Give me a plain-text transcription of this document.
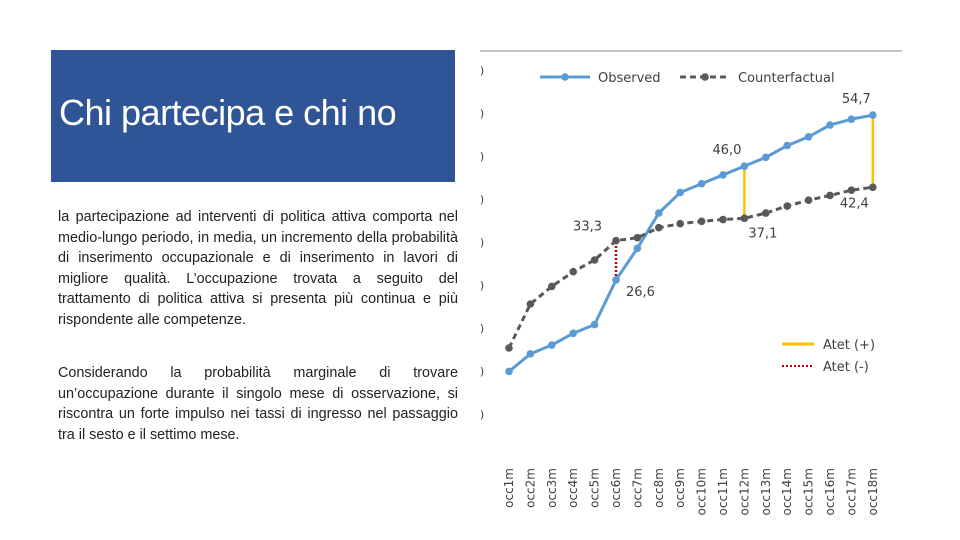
Chi partecipa e chi no

la partecipazione ad interventi di politica attiva comporta nel medio-lungo periodo, in media, un incremento della probabilità di inserimento occupazionale e di inserimento in lavori di migliore qualità. L’occupazione trovata a seguito del trattamento di politica attiva si presenta più continua e più rispondente alle competenze.

Considerando la probabilità marginale di trovare un’occupazione durante il singolo mese di osservazione, si riscontra un forte impulso nei tassi di ingresso nel passaggio tra il sesto e il settimo mese.

)
)
)
)
)
)
)
)
)
occ1m occ2m occ3m occ4m occ5m occ6m occ7m occ8m occ9m occ10m occ11m occ12m occ13m occ14m occ15m occ16m occ17m occ18m
33,3
26,6
46,0
37,1
54,7
42,4
Observed	Counterfactual
Atet (+)
Atet (-)
